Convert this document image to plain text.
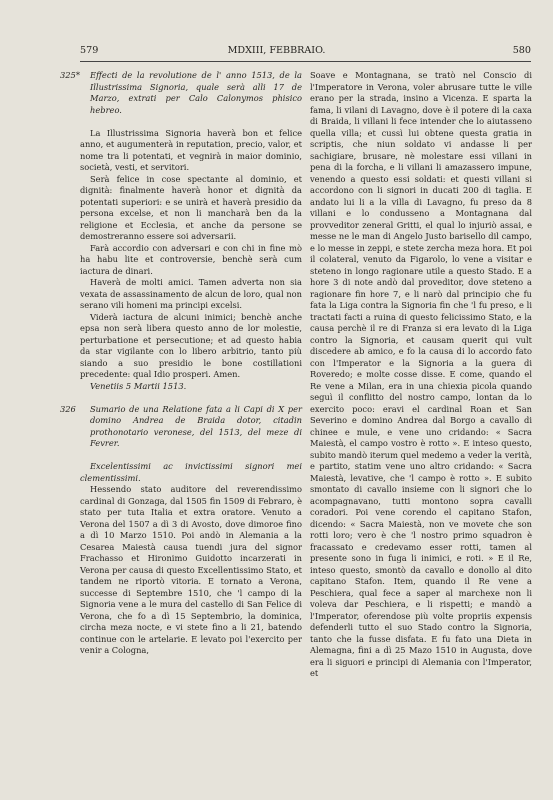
579	MDXIII, FEBBRAIO.	580
325* Effecti de la revolutione de l' anno 1513, de la Illustrissima Signoria, quale serà alli 17 de Marzo, extrati per Calo Calonymos phisico hebreo.

La Illustrissima Signoria haverà bon et felice anno, et augumenterà in reputation, precio, valor, et nome tra li potentati, et vegnirà in maior dominio, società, vesti, et servitori.

Serà felice in cose spectante al dominio, et dignità: finalmente haverà honor et dignità da potentati superiori: e se unirà et haverà presidio da persona excelse, et non li mancharà ben da la religione et Ecclesia, et anche da persone se demostreranno essere soi adversarii.

Farà accordio con adversari e con chi in fine mò ha habu lite et controversie, benchè serà cum iactura de dinari.

Haverà de molti amici. Tamen adverta non sia vexata de assassinamento de alcun de loro, qual non serano vili homeni ma principi excelsi.

Viderà iactura de alcuni inimici; benchè anche epsa non serà libera questo anno de lor molestie, perturbatione et persecutione; et ad questo habia da star vigilante con lo libero arbitrio, tanto più siando a suo presidio le bone costillationi precedente: qual Idio prosperi. Amen.

Venetiis 5 Martii 1513.

326 Sumario de una Relatione fata a li Capi di X per domino Andrea de Braida dotor, citadin prothonotario veronese, del 1513, del meze di Fevrer.

Excelentissimi ac invictissimi signori mei clementissimi.

Hessendo stato auditore del reverendissimo cardinal di Gonzaga, dal 1505 fin 1509 di Febraro, è stato per tuta Italia et extra oratore. Venuto a Verona del 1507 a dì 3 di Avosto, dove dimoroe fino a dì 10 Marzo 1510. Poi andò in Alemania a la Cesarea Maiestà causa tuendi jura del signor Frachasso et Hironimo Guidotto incarzerati in Verona per causa di questo Excellentissimo Stato, et tandem ne riportò vitoria. E tornato a Verona, successe di Septembre 1510, che 'l campo di la Signoria vene a le mura del castello di San Felice di Verona, che fo a dì 15 Septembrio, la dominica, circha meza nocte, e vi stete fino a li 21, batendo continue con le artelarie. E levato poi l'exercito per venir a Cologna,

Soave e Montagnana, se tratò nel Conscio di l'Imperatore in Verona, voler abrusare tutte le ville erano per la strada, insino a Vicenza. E sparta la fama, li vilani di Lavagno, dove è il potere di la caxa di Braida, li villani li fece intender che lo aiutasseno quella villa; et cussì lui obtene questa gratia in scriptis, che niun soldato vi andasse li per sachigiare, brusare, nè molestare essi villani in pena di la forcha, e li villani li amazassero impune, venendo a questo essi soldati: et questi villani si accordono con li signori in ducati 200 di taglia. E andato lui li a la villa di Lavagno, fu preso da 8 villani e lo condusseno a Montagnana dal provveditor zeneral Gritti, el qual lo injuriò assai, e messe ne le man di Angelo Justo barisello dil campo, e lo messe in zeppi, e stete zercha meza hora. Et poi il colateral, venuto da Figarolo, lo vene a visitar e steteno in longo ragionare utile a questo Stado. E a hore 3 di note andò dal proveditor, dove steteno a ragionare fin hore 7, e li narò dal principio che fu fata la Liga contra la Signoria fin che 'l fu preso, e li tractati facti a ruina di questo felicissimo Stato, e la causa perchè il re di Franza si era levato di la Liga contro la Signoria, et causam querit qui vult discedere ab amico, e fo la causa di lo accordo fato con l'Imperator e la Signoria a la guera di Roveredo; e molte cosse disse. E come, quando el Re vene a Milan, era in una chiexia picola quando seguì il conflitto del nostro campo, lontan da lo exercito poco: eravi el cardinal Roan et San Severino e domino Andrea dal Borgo a cavallo di chinee e mule, e vene uno cridando: « Sacra Maiestà, el campo vostro è rotto ». E inteso questo, subito mandò iterum quel medemo a veder la verità, e partito, statim vene uno altro cridando: « Sacra Maiestà, levative, che 'l campo è rotto ». E subito smontato di cavallo insieme con li signori che lo acompagnavano, tutti montono sopra cavalli coradori. Poi vene corendo el capitano Stafon, dicendo: « Sacra Maiestà, non ve movete che son rotti loro; vero è che 'l nostro primo squadron è fracassato e credevamo esser rotti, tamen al presente sono in fuga li inimici, e roti. » E il Re, inteso questo, smontò da cavallo e donollo al dito capitano Stafon. Item, quando il Re vene a Peschiera, qual fece a saper al marchexe non li voleva dar Peschiera, e li rispetti; e mandò a l'Imperator, oferendose più volte propriis expensis defenderli tutto el suo Stado contro la Signoria, tanto che la fusse disfata. E fu fato una Dieta in Alemagna, fini a dì 25 Mazo 1510 in Augusta, dove era li siguori e principi di Alemania con l'Imperator, et
